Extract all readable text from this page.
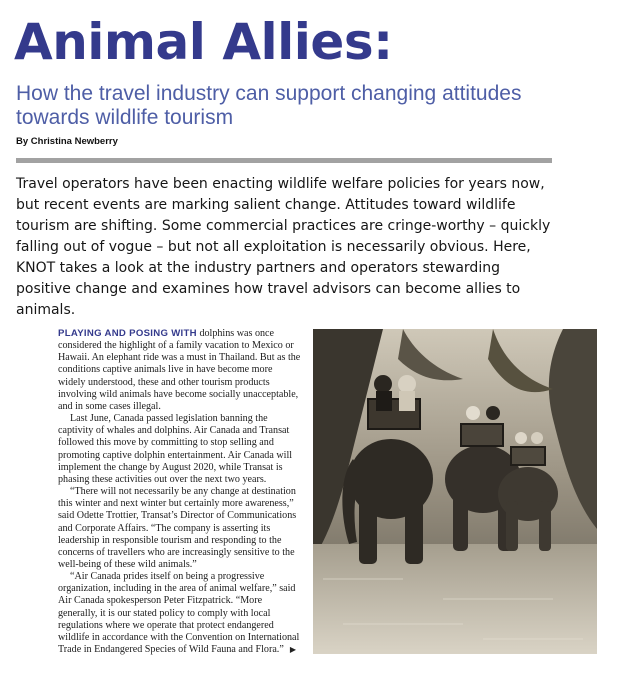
Animal Allies:
How the travel industry can support changing attitudes towards wildlife tourism
By Christina Newberry
Travel operators have been enacting wildlife welfare policies for years now, but recent events are marking salient change. Attitudes toward wildlife tourism are shifting. Some commercial practices are cringe-worthy – quickly falling out of vogue – but not all exploitation is necessarily obvious. Here, KNOT takes a look at the industry partners and operators stewarding positive change and examines how travel advisors can become allies to animals.

PLAYING AND POSING WITH dolphins was once considered the highlight of a family vacation to Mexico or Hawaii. An elephant ride was a must in Thailand. But as the conditions captive animals live in have become more widely understood, these and other tourism products involving wild animals have become socially unacceptable, and in some cases illegal.

Last June, Canada passed legislation banning the captivity of whales and dolphins. Air Canada and Transat followed this move by committing to stop selling and promoting captive dolphin entertainment. Air Canada will implement the change by August 2020, while Transat is phasing these activities out over the next two years.

“There will not necessarily be any change at destination this winter and next winter but certainly more awareness,” said Odette Trottier, Transat’s Director of Communications and Corporate Affairs. “The company is asserting its leadership in responsible tourism and responding to the concerns of travellers who are increasingly sensitive to the well-being of these wild animals.”

“Air Canada prides itself on being a progressive organization, including in the area of animal welfare,” said Air Canada spokesperson Peter Fitzpatrick. “More generally, it is our stated policy to comply with local regulations where we operate that protect endangered wildlife in accordance with the Convention on International Trade in Endangered Species of Wild Fauna and Flora.” ▶
